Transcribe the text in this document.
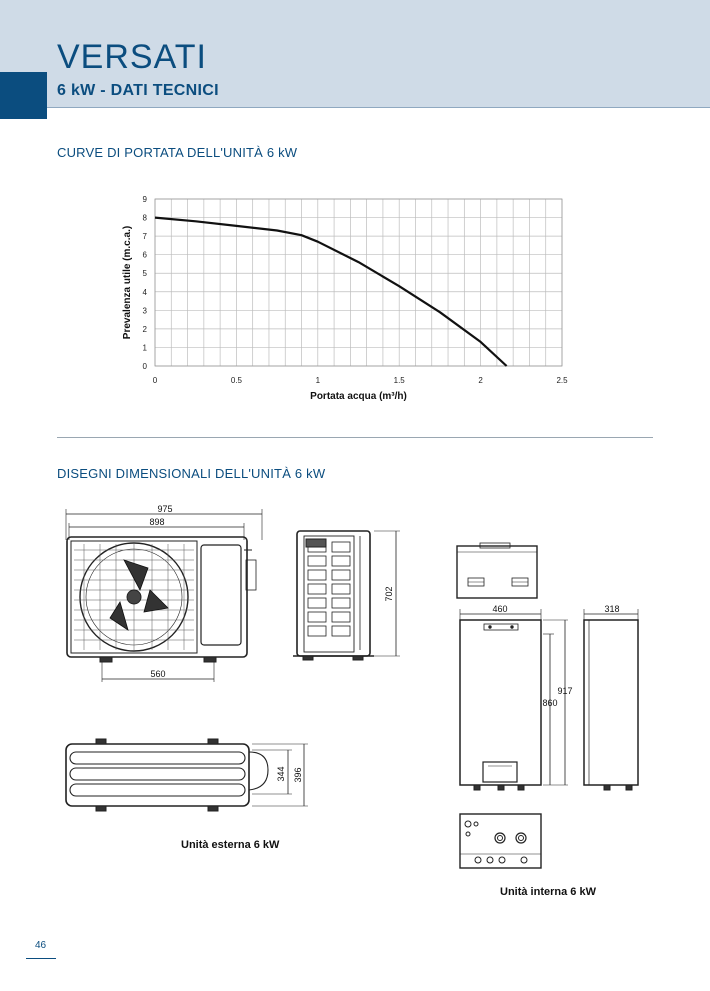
VERSATI
6 kW - DATI TECNICI
CURVE DI PORTATA DELL'UNITÀ 6 kW
0
1
2
3
4
5
6
7
8
9
0	0.5	1	1.5	2	2.5
Portata acqua (m³/h)
Prevalenza utile (m.c.a.)
DISEGNI DIMENSIONALI DELL'UNITÀ 6 kW
975
898
560
702
344 396
460
917
860
318
Unità esterna 6 kW
Unità interna 6 kW
46
